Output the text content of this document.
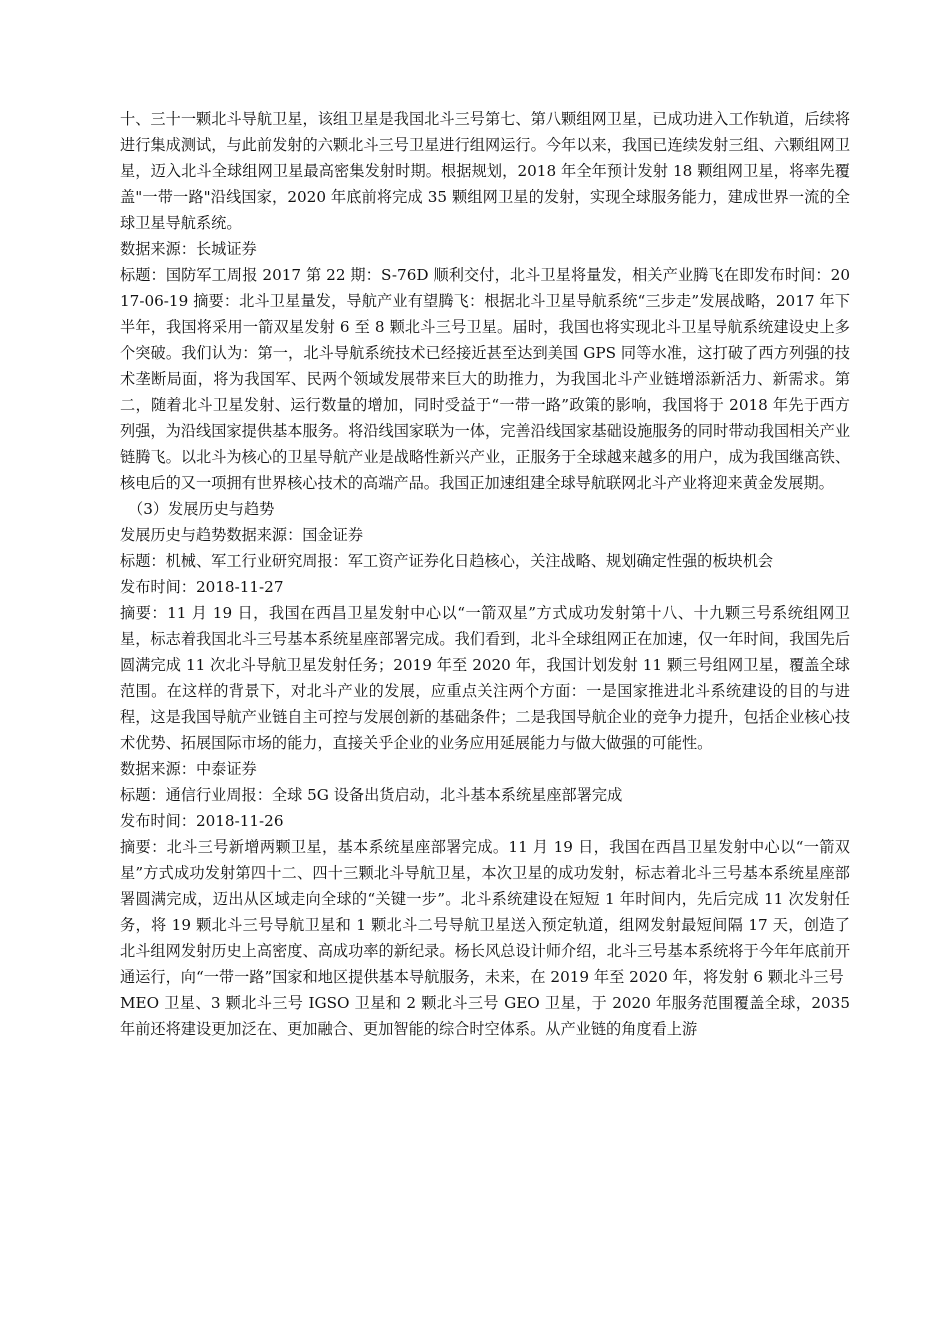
十、三十一颗北斗导航卫星，该组卫星是我国北斗三号第七、第八颗组网卫星，已成功进入工作轨道，后续将进行集成测试，与此前发射的六颗北斗三号卫星进行组网运行。今年以来，我国已连续发射三组、六颗组网卫星，迈入北斗全球组网卫星最高密集发射时期。根据规划，2018 年全年预计发射 18 颗组网卫星，将率先覆盖"一带一路"沿线国家，2020 年底前将完成 35 颗组网卫星的发射，实现全球服务能力，建成世界一流的全球卫星导航系统。

数据来源：长城证券

标题：国防军工周报 2017 第 22 期：S-76D 顺利交付，北斗卫星将量发，相关产业腾飞在即发布时间：2017-06-19 摘要：北斗卫星量发，导航产业有望腾飞：根据北斗卫星导航系统“三步走”发展战略，2017 年下半年，我国将采用一箭双星发射 6 至 8 颗北斗三号卫星。届时，我国也将实现北斗卫星导航系统建设史上多个突破。我们认为：第一，北斗导航系统技术已经接近甚至达到美国 GPS 同等水准，这打破了西方列强的技术垄断局面，将为我国军、民两个领域发展带来巨大的助推力，为我国北斗产业链增添新活力、新需求。第二，随着北斗卫星发射、运行数量的增加，同时受益于“一带一路”政策的影响，我国将于 2018 年先于西方列强，为沿线国家提供基本服务。将沿线国家联为一体，完善沿线国家基础设施服务的同时带动我国相关产业链腾飞。以北斗为核心的卫星导航产业是战略性新兴产业，正服务于全球越来越多的用户，成为我国继高铁、核电后的又一项拥有世界核心技术的高端产品。我国正加速组建全球导航联网北斗产业将迎来黄金发展期。

（3）发展历史与趋势

发展历史与趋势数据来源：国金证券

标题：机械、军工行业研究周报：军工资产证券化日趋核心，关注战略、规划确定性强的板块机会

发布时间：2018-11-27

摘要：11 月 19 日，我国在西昌卫星发射中心以“一箭双星”方式成功发射第十八、十九颗三号系统组网卫星，标志着我国北斗三号基本系统星座部署完成。我们看到，北斗全球组网正在加速，仅一年时间，我国先后圆满完成 11 次北斗导航卫星发射任务；2019 年至 2020 年，我国计划发射 11 颗三号组网卫星，覆盖全球范围。在这样的背景下，对北斗产业的发展，应重点关注两个方面：一是国家推进北斗系统建设的目的与进程，这是我国导航产业链自主可控与发展创新的基础条件；二是我国导航企业的竞争力提升，包括企业核心技术优势、拓展国际市场的能力，直接关乎企业的业务应用延展能力与做大做强的可能性。

数据来源：中泰证券

标题：通信行业周报：全球 5G 设备出货启动，北斗基本系统星座部署完成

发布时间：2018-11-26

摘要：北斗三号新增两颗卫星，基本系统星座部署完成。11 月 19 日，我国在西昌卫星发射中心以“一箭双星”方式成功发射第四十二、四十三颗北斗导航卫星，本次卫星的成功发射，标志着北斗三号基本系统星座部署圆满完成，迈出从区域走向全球的“关键一步”。北斗系统建设在短短 1 年时间内，先后完成 11 次发射任务，将 19 颗北斗三号导航卫星和 1 颗北斗二号导航卫星送入预定轨道，组网发射最短间隔 17 天，创造了北斗组网发射历史上高密度、高成功率的新纪录。杨长风总设计师介绍，北斗三号基本系统将于今年年底前开通运行，向“一带一路”国家和地区提供基本导航服务，未来，在 2019 年至 2020 年，将发射 6 颗北斗三号

MEO 卫星、3 颗北斗三号 IGSO 卫星和 2 颗北斗三号 GEO 卫星，于 2020 年服务范围覆盖全球，2035 年前还将建设更加泛在、更加融合、更加智能的综合时空体系。从产业链的角度看上游
